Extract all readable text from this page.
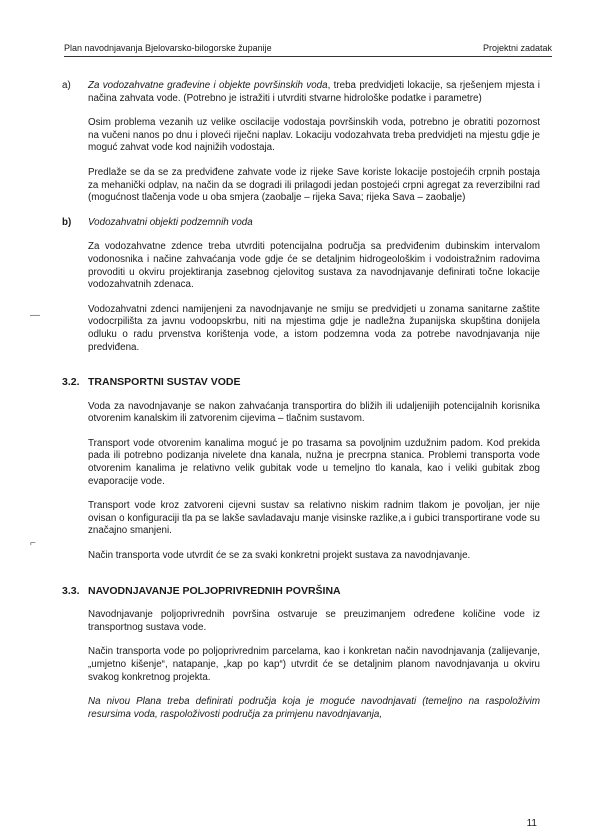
Plan navodnjavanja Bjelovarsko-bilogorske županije	Projektni zadatak
—
⌐
a)	Za vodozahvatne građevine i objekte površinskih voda, treba predvidjeti lokacije, sa rješenjem mjesta i načina zahvata vode. (Potrebno je istražiti i utvrditi stvarne hidrološke podatke i parametre)

Osim problema vezanih uz velike oscilacije vodostaja površinskih voda, potrebno je obratiti pozornost na vučeni nanos po dnu i ploveći riječni naplav. Lokaciju vodozahvata treba predvidjeti na mjestu gdje je moguć zahvat vode kod najnižih vodostaja.

Predlaže se da se za predviđene zahvate vode iz rijeke Save koriste lokacije postojećih crpnih postaja za mehanički odplav, na način da se dogradi ili prilagodi jedan postojeći crpni agregat za reverzibilni rad (mogućnost tlačenja vode u oba smjera (zaobalje – rijeka Sava; rijeka Sava – zaobalje)

b)	Vodozahvatni objekti podzemnih voda

Za vodozahvatne zdence treba utvrditi potencijalna područja sa predviđenim dubinskim intervalom vodonosnika i načine zahvaćanja vode gdje će se detaljnim hidrogeološkim i vodoistražnim radovima provoditi u okviru projektiranja zasebnog cjelovitog sustava za navodnjavanje definirati točne lokacije vodozahvatnih zdenaca.

Vodozahvatni zdenci namijenjeni za navodnjavanje ne smiju se predvidjeti u zonama sanitarne zaštite vodocrpilišta za javnu vodoopskrbu, niti na mjestima gdje je nadležna županijska skupština donijela odluku o radu prvenstva korištenja vode, a istom podzemna voda za potrebe navodnjavanja nije predviđena.

3.2. TRANSPORTNI SUSTAV VODE

Voda za navodnjavanje se nakon zahvaćanja transportira do bližih ili udaljenijih potencijalnih korisnika otvorenim kanalskim ili zatvorenim cijevima – tlačnim sustavom.

Transport vode otvorenim kanalima moguć je po trasama sa povoljnim uzdužnim padom. Kod prekida pada ili potrebno podizanja nivelete dna kanala, nužna je precrpna stanica. Problemi transporta vode otvorenim kanalima je relativno velik gubitak vode u temeljno tlo kanala, kao i veliki gubitak zbog evaporacije vode.

Transport vode kroz zatvoreni cijevni sustav sa relativno niskim radnim tlakom je povoljan, jer nije ovisan o konfiguraciji tla pa se lakše savladavaju manje visinske razlike,a i gubici transportirane vode su značajno smanjeni.

Način transporta vode utvrdit će se za svaki konkretni projekt sustava za navodnjavanje.

3.3. NAVODNJAVANJE POLJOPRIVREDNIH POVRŠINA

Navodnjavanje poljoprivrednih površina ostvaruje se preuzimanjem određene količine vode iz transportnog sustava vode.

Način transporta vode po poljoprivrednim parcelama, kao i konkretan način navodnjavanja (zalijevanje, „umjetno kišenje“, natapanje, „kap po kap“) utvrdit će se detaljnim planom navodnjavanja u okviru svakog konkretnog projekta.

Na nivou Plana treba definirati područja koja je moguće navodnjavati (temeljno na raspoloživim resursima voda, raspoloživosti područja za primjenu navodnjavanja,

11
